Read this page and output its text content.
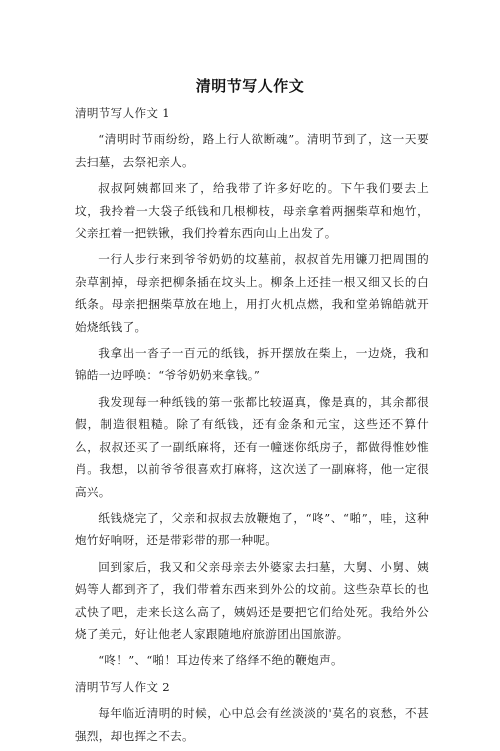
清明节写人作文

清明节写人作文 1

“清明时节雨纷纷，路上行人欲断魂”。清明节到了，这一天要去扫墓，去祭祀亲人。

叔叔阿姨都回来了，给我带了许多好吃的。下午我们要去上坟，我拎着一大袋子纸钱和几根柳枝，母亲拿着两捆柴草和炮竹，父亲扛着一把铁锹，我们拎着东西向山上出发了。

一行人步行来到爷爷奶奶的坟墓前，叔叔首先用镰刀把周围的杂草割掉，母亲把柳条插在坟头上。柳条上还挂一根又细又长的白纸条。母亲把捆柴草放在地上，用打火机点燃，我和堂弟锦皓就开始烧纸钱了。

我拿出一沓子一百元的纸钱，拆开摆放在柴上，一边烧，我和锦皓一边呼唤：“爷爷奶奶来拿钱。”

我发现每一种纸钱的第一张都比较逼真，像是真的，其余都很假，制造很粗糙。除了有纸钱，还有金条和元宝，这些还不算什么，叔叔还买了一副纸麻将，还有一幢迷你纸房子，都做得惟妙惟肖。我想，以前爷爷很喜欢打麻将，这次送了一副麻将，他一定很高兴。

纸钱烧完了，父亲和叔叔去放鞭炮了，“咚”、“啪”，哇，这种炮竹好响呀，还是带彩带的那一种呢。

回到家后，我又和父亲母亲去外婆家去扫墓，大舅、小舅、姨妈等人都到齐了，我们带着东西来到外公的坟前。这些杂草长的也忒快了吧，走来长这么高了，姨妈还是要把它们给处死。我给外公烧了美元，好让他老人家跟随地府旅游团出国旅游。

“咚！”、“啪！耳边传来了络绎不绝的鞭炮声。

清明节写人作文 2

每年临近清明的时候，心中总会有丝淡淡的'莫名的哀愁，不甚强烈，却也挥之不去。
